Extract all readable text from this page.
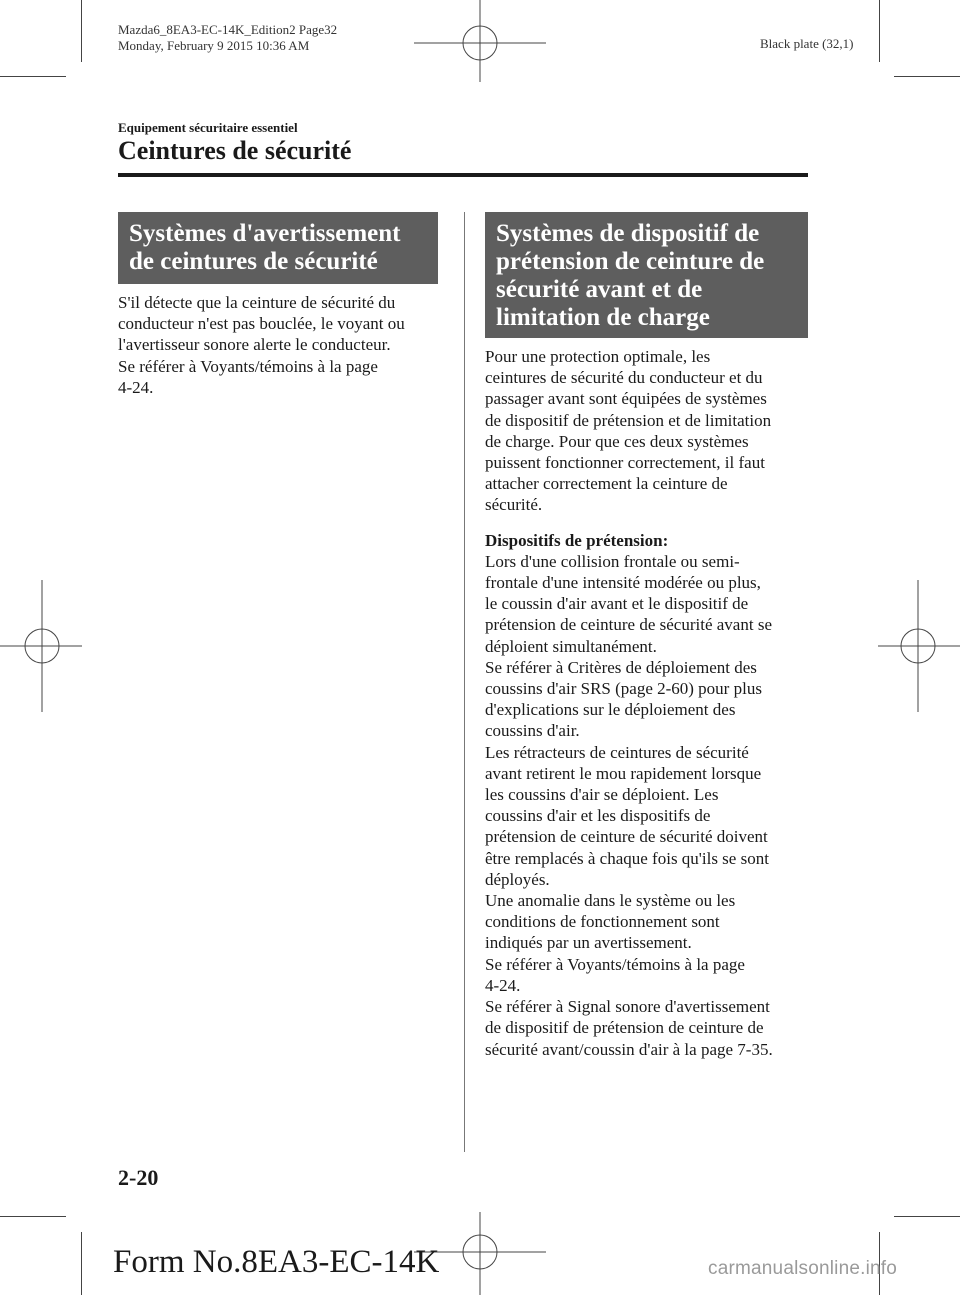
Mazda6_8EA3-EC-14K_Edition2 Page32
Monday, February 9 2015 10:36 AM	Black plate (32,1)
Equipement sécuritaire essentiel
Ceintures de sécurité
Systèmes d'avertissement
de ceintures de sécurité
S'il détecte que la ceinture de sécurité du
conducteur n'est pas bouclée, le voyant ou
l'avertisseur sonore alerte le conducteur.
Se référer à Voyants/témoins à la page
4-24.
Systèmes de dispositif de
prétension de ceinture de
sécurité avant et de
limitation de charge
Pour une protection optimale, les
ceintures de sécurité du conducteur et du
passager avant sont équipées de systèmes
de dispositif de prétension et de limitation
de charge. Pour que ces deux systèmes
puissent fonctionner correctement, il faut
attacher correctement la ceinture de
sécurité.
Dispositifs de prétension:
Lors d'une collision frontale ou semi-
frontale d'une intensité modérée ou plus,
le coussin d'air avant et le dispositif de
prétension de ceinture de sécurité avant se
déploient simultanément.
Se référer à Critères de déploiement des
coussins d'air SRS (page 2-60) pour plus
d'explications sur le déploiement des
coussins d'air.
Les rétracteurs de ceintures de sécurité
avant retirent le mou rapidement lorsque
les coussins d'air se déploient. Les
coussins d'air et les dispositifs de
prétension de ceinture de sécurité doivent
être remplacés à chaque fois qu'ils se sont
déployés.
Une anomalie dans le système ou les
conditions de fonctionnement sont
indiqués par un avertissement.
Se référer à Voyants/témoins à la page
4-24.
Se référer à Signal sonore d'avertissement
de dispositif de prétension de ceinture de
sécurité avant/coussin d'air à la page 7-35.
2-20
Form No.8EA3-EC-14K	carmanualsonline.info
